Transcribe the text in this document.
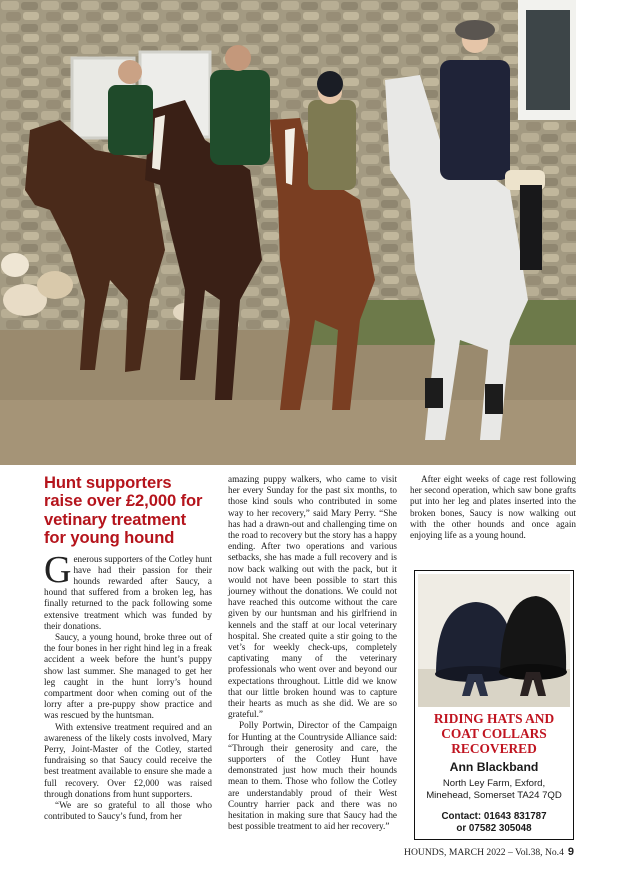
Hunt supporters raise over £2,000 for vetinary treatment for young hound

Generous supporters of the Cotley hunt have had their passion for their hounds rewarded after Saucy, a hound that suffered from a broken leg, has finally returned to the pack following some extensive treatment which was funded by their donations.

Saucy, a young hound, broke three out of the four bones in her right hind leg in a freak accident a week before the hunt’s puppy show last summer. She managed to get her leg caught in the hunt lorry’s hound compartment door when coming out of the lorry after a pre-puppy show practice and was rescued by the huntsman.

With extensive treatment required and an awareness of the likely costs involved, Mary Perry, Joint-Master of the Cotley, started fundraising so that Saucy could receive the best treatment available to ensure she made a full recovery. Over £2,000 was raised through donations from hunt supporters.

“We are so grateful to all those who contributed to Saucy’s fund, from her

amazing puppy walkers, who came to visit her every Sunday for the past six months, to those kind souls who contributed in some way to her recovery,” said Mary Perry. “She has had a drawn-out and challenging time on the road to recovery but the story has a happy ending. After two operations and various setbacks, she has made a full recovery and is now back walking out with the pack, but it would not have been possible to start this journey without the donations. We could not have reached this outcome without the care given by our huntsman and his girlfriend in kennels and the staff at our local veterinary hospital. She created quite a stir going to the vet’s for weekly check-ups, completely captivating many of the veterinary professionals who went over and beyond our expectations throughout. Little did we know that our little broken hound was to capture their hearts as much as she did. We are so grateful.”

Polly Portwin, Director of the Campaign for Hunting at the Countryside Alliance said: “Through their generosity and care, the supporters of the Cotley Hunt have demonstrated just how much their hounds mean to them. Those who follow the Cotley are understandably proud of their West Country harrier pack and there was no hesitation in making sure that Saucy had the best possible treatment to aid her recovery.”

After eight weeks of cage rest following her second operation, which saw bone grafts put into her leg and plates inserted into the broken bones, Saucy is now walking out with the other hounds and once again enjoying life as a young hound.

RIDING HATS AND COAT COLLARS RECOVERED
Ann Blackband
North Ley Farm, Exford,
Minehead, Somerset TA24 7QD
Contact: 01643 831787
or 07582 305048
HOUNDS, MARCH 2022 – Vol.38, No.4 9
